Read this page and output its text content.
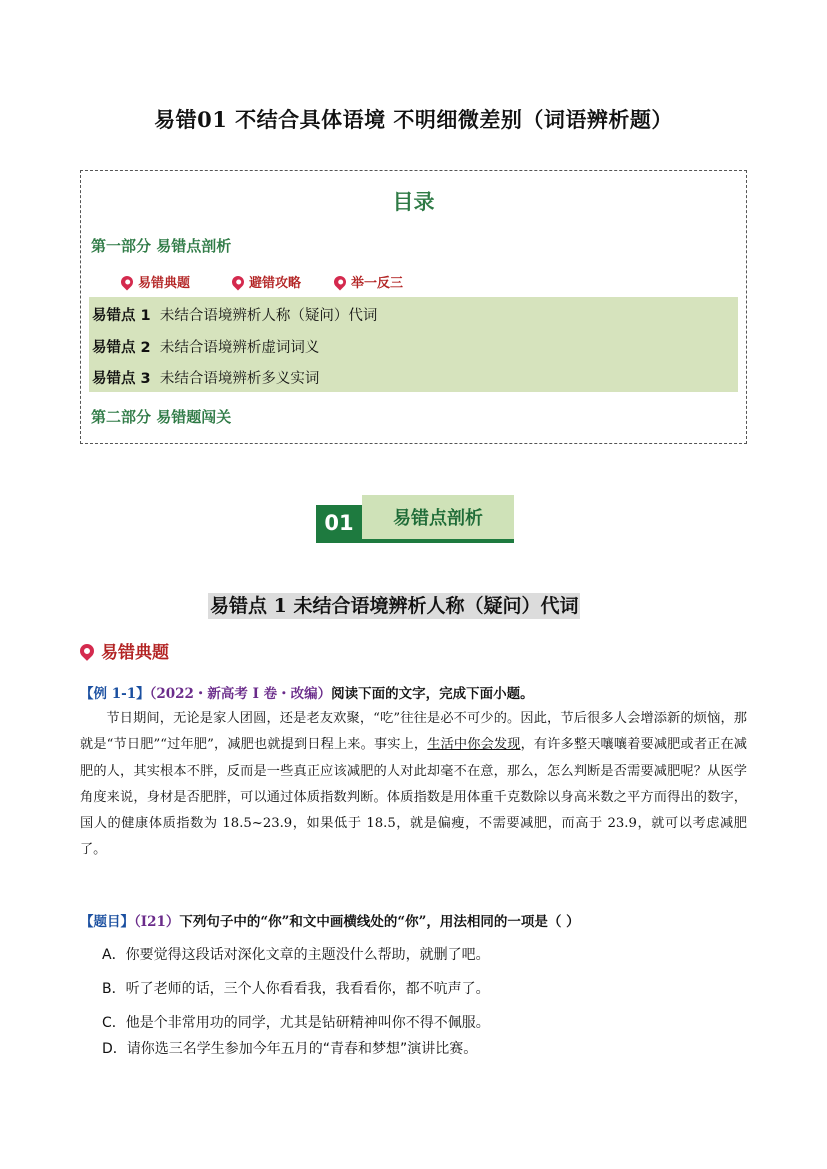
易错01 不结合具体语境 不明细微差别（词语辨析题）
目录
第一部分 易错点剖析
易错典题	避错攻略	举一反三
易错点 1 未结合语境辨析人称（疑问）代词
易错点 2 未结合语境辨析虚词词义
易错点 3 未结合语境辨析多义实词
第二部分 易错题闯关
01	易错点剖析
易错点 1 未结合语境辨析人称（疑问）代词
易错典题
【例 1-1】（2022・新高考 I 卷・改编）阅读下面的文字，完成下面小题。

节日期间，无论是家人团圆，还是老友欢聚，“吃”往往是必不可少的。因此，节后很多人会增添新的烦恼，那就是“节日肥”“过年肥”，减肥也就提到日程上来。事实上，生活中你会发现，有许多整天嚷嚷着要减肥或者正在减肥的人，其实根本不胖，反而是一些真正应该减肥的人对此却毫不在意，那么，怎么判断是否需要减肥呢？从医学角度来说，身材是否肥胖，可以通过体质指数判断。体质指数是用体重千克数除以身高米数之平方而得出的数字，国人的健康体质指数为 18.5~23.9，如果低于 18.5，就是偏瘦，不需要减肥，而高于 23.9，就可以考虑减肥了。

【题目】（I21）下列句子中的“你”和文中画横线处的“你”，用法相同的一项是（ ）
A．你要觉得这段话对深化文章的主题没什么帮助，就删了吧。
B．听了老师的话，三个人你看看我，我看看你，都不吭声了。
C．他是个非常用功的同学，尤其是钻研精神叫你不得不佩服。
D．请你选三名学生参加今年五月的“青春和梦想”演讲比赛。
